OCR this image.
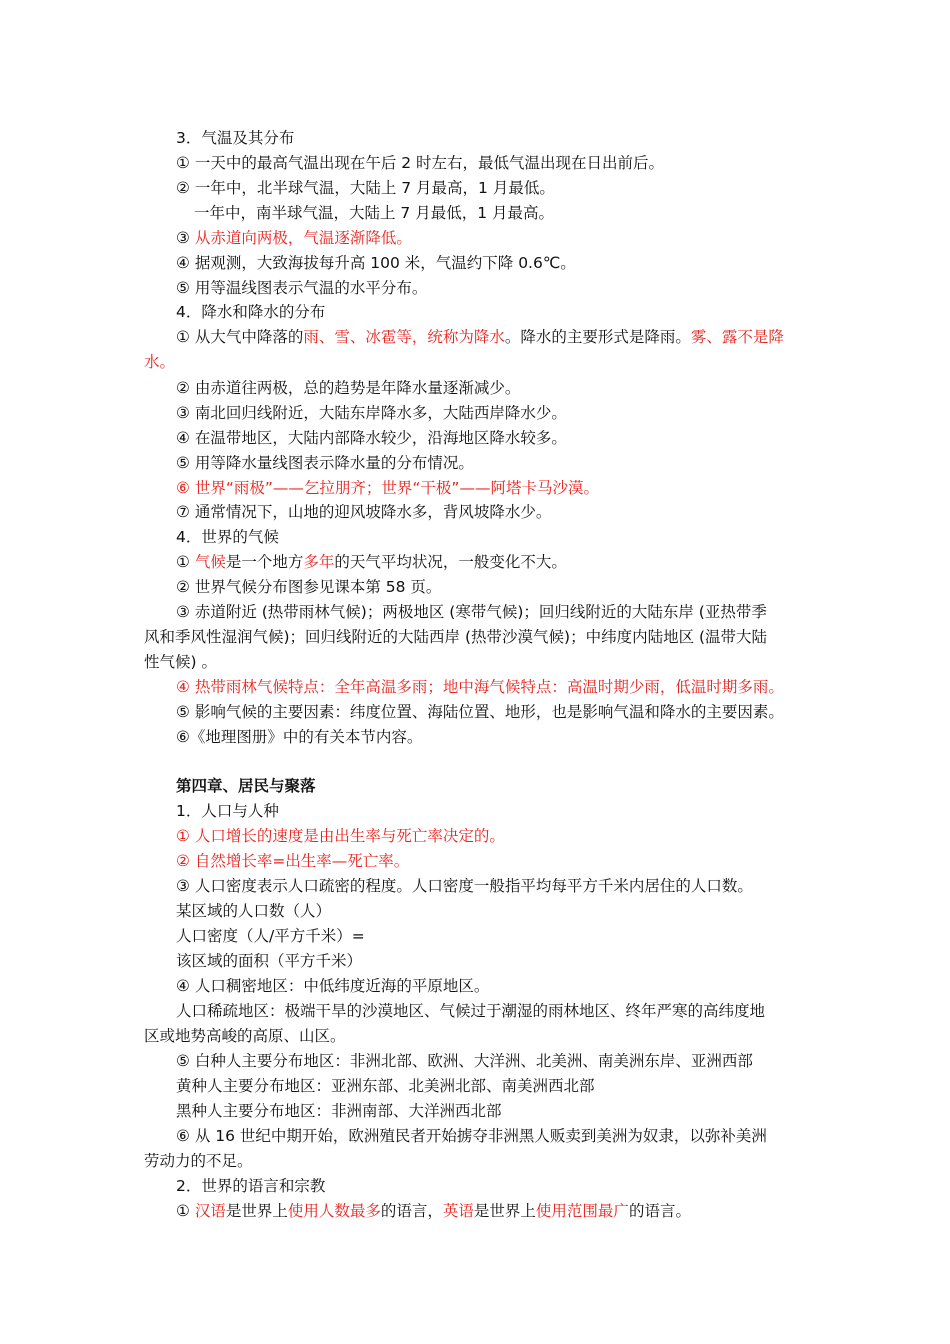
3．气温及其分布
① 一天中的最高气温出现在午后 2 时左右，最低气温出现在日出前后。
② 一年中，北半球气温，大陆上 7 月最高，1 月最低。
一年中，南半球气温，大陆上 7 月最低，1 月最高。
③ 从赤道向两极，气温逐渐降低。
④ 据观测，大致海拔每升高 100 米，气温约下降 0.6℃。
⑤ 用等温线图表示气温的水平分布。
4．降水和降水的分布
① 从大气中降落的雨、雪、冰雹等，统称为降水。降水的主要形式是降雨。雾、露不是降
水。
② 由赤道往两极，总的趋势是年降水量逐渐减少。
③ 南北回归线附近，大陆东岸降水多，大陆西岸降水少。
④ 在温带地区，大陆内部降水较少，沿海地区降水较多。
⑤ 用等降水量线图表示降水量的分布情况。
⑥ 世界“雨极”——乞拉朋齐；世界“干极”——阿塔卡马沙漠。
⑦ 通常情况下，山地的迎风坡降水多，背风坡降水少。
4．世界的气候
① 气候是一个地方多年的天气平均状况，一般变化不大。
② 世界气候分布图参见课本第 58 页。
③ 赤道附近 (热带雨林气候)；两极地区 (寒带气候)；回归线附近的大陆东岸 (亚热带季
风和季风性湿润气候)；回归线附近的大陆西岸 (热带沙漠气候)；中纬度内陆地区 (温带大陆
性气候) 。
④ 热带雨林气候特点：全年高温多雨；地中海气候特点：高温时期少雨，低温时期多雨。
⑤ 影响气候的主要因素：纬度位置、海陆位置、地形，也是影响气温和降水的主要因素。
⑥《地理图册》中的有关本节内容。
第四章、居民与聚落
1．人口与人种
① 人口增长的速度是由出生率与死亡率决定的。
② 自然增长率=出生率—死亡率。
③ 人口密度表示人口疏密的程度。人口密度一般指平均每平方千米内居住的人口数。
某区域的人口数（人）
人口密度（人/平方千米）=
该区域的面积（平方千米）
④ 人口稠密地区：中低纬度近海的平原地区。
人口稀疏地区：极端干旱的沙漠地区、气候过于潮湿的雨林地区、终年严寒的高纬度地
区或地势高峻的高原、山区。
⑤ 白种人主要分布地区：非洲北部、欧洲、大洋洲、北美洲、南美洲东岸、亚洲西部
黄种人主要分布地区：亚洲东部、北美洲北部、南美洲西北部
黑种人主要分布地区：非洲南部、大洋洲西北部
⑥ 从 16 世纪中期开始，欧洲殖民者开始掳夺非洲黑人贩卖到美洲为奴隶，以弥补美洲
劳动力的不足。
2．世界的语言和宗教
① 汉语是世界上使用人数最多的语言，英语是世界上使用范围最广的语言。
